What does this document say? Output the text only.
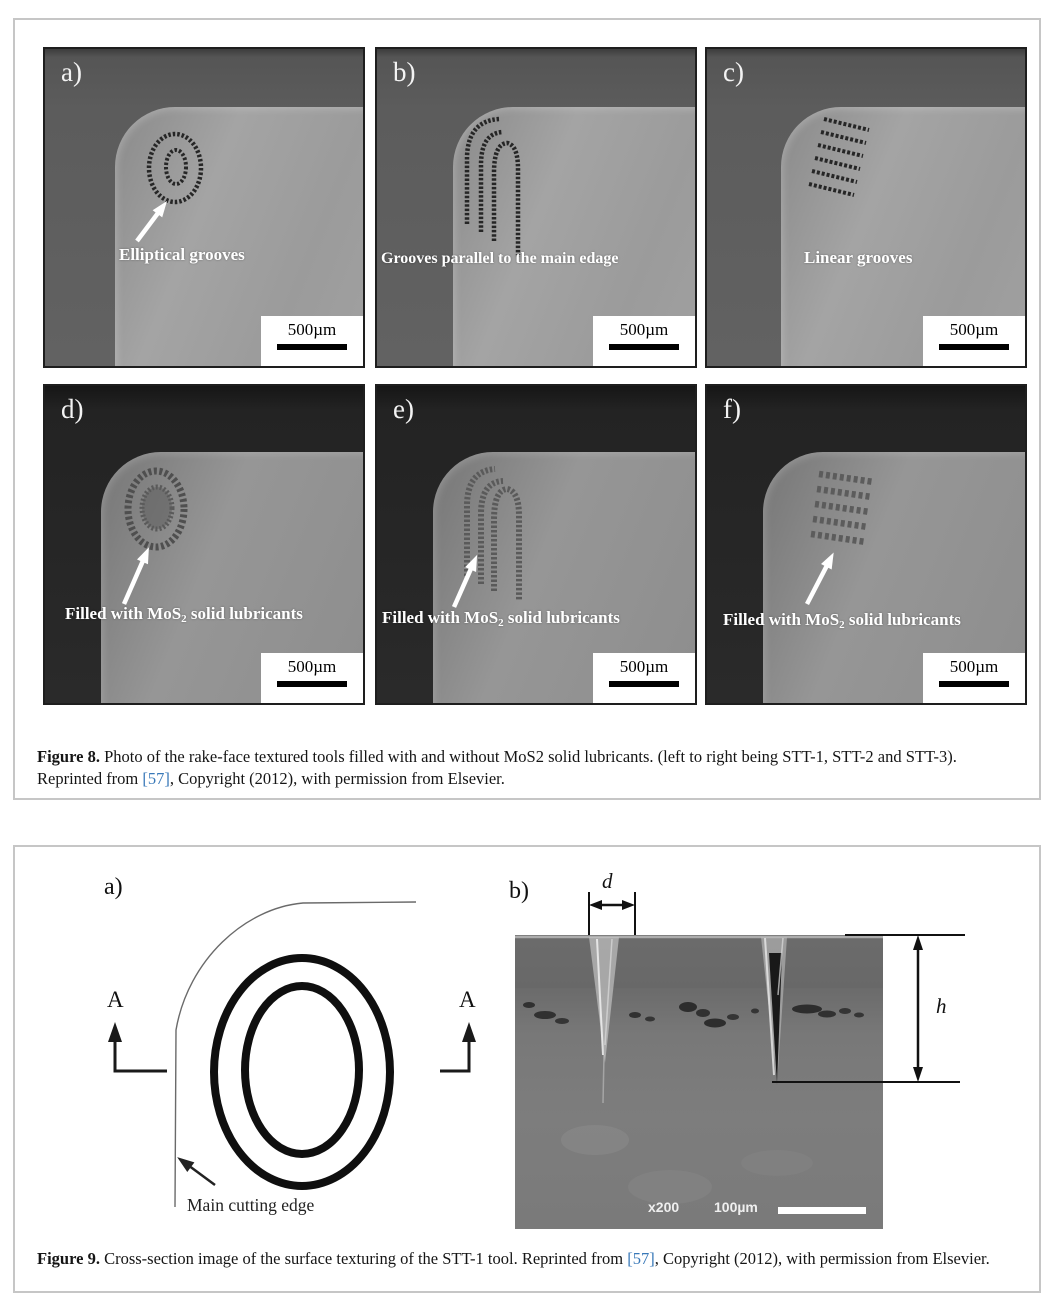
a)
Elliptical grooves
500µm
b)
Grooves parallel to the main edage
500µm
c)
Linear grooves
500µm
d)
Filled with MoS$_2$ solid lubricants
500µm
e)
Filled with MoS$_2$ solid lubricants
500µm
f)
Filled with MoS$_2$ solid lubricants
500µm
Figure 8. Photo of the rake-face textured tools filled with and without MoS2 solid lubricants. (left to right being STT-1, STT-2 and STT-3). Reprinted from [57], Copyright (2012), with permission from Elsevier.
a)	b)
A	A
Main cutting edge	x200 100µm
d
h
Figure 9. Cross-section image of the surface texturing of the STT-1 tool. Reprinted from [57], Copyright (2012), with permission from Elsevier.
